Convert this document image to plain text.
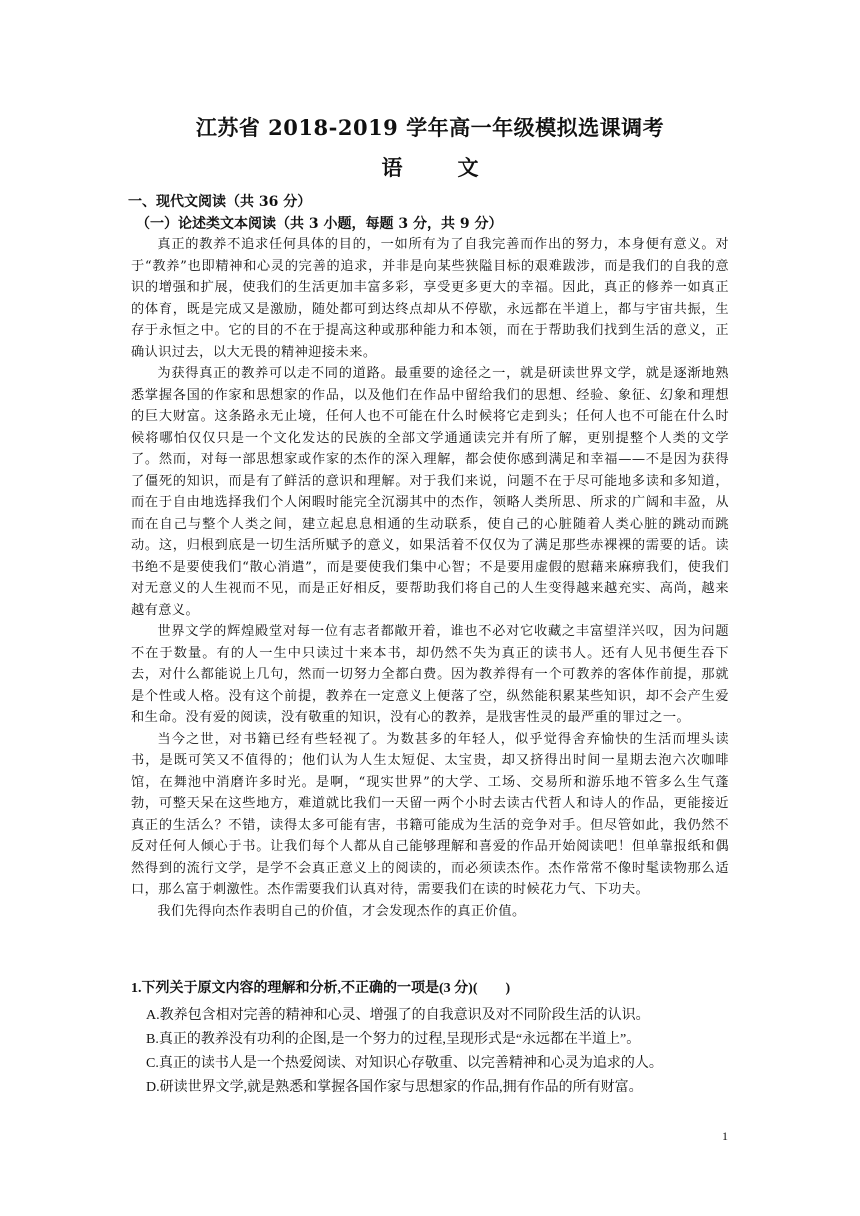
江苏省 2018-2019 学年高一年级模拟选课调考
语文
一、现代文阅读（共 36 分）
（一）论述类文本阅读（共 3 小题，每题 3 分，共 9 分）

真正的教养不追求任何具体的目的，一如所有为了自我完善而作出的努力，本身便有意义。对于“教养”也即精神和心灵的完善的追求，并非是向某些狭隘目标的艰难跋涉，而是我们的自我的意识的增强和扩展，使我们的生活更加丰富多彩，享受更多更大的幸福。因此，真正的修养一如真正的体育，既是完成又是激励，随处都可到达终点却从不停歇，永远都在半道上，都与宇宙共振，生存于永恒之中。它的目的不在于提高这种或那种能力和本领，而在于帮助我们找到生活的意义，正确认识过去，以大无畏的精神迎接未来。

为获得真正的教养可以走不同的道路。最重要的途径之一，就是研读世界文学，就是逐渐地熟悉掌握各国的作家和思想家的作品，以及他们在作品中留给我们的思想、经验、象征、幻象和理想的巨大财富。这条路永无止境，任何人也不可能在什么时候将它走到头；任何人也不可能在什么时候将哪怕仅仅只是一个文化发达的民族的全部文学通通读完并有所了解，更别提整个人类的文学了。然而，对每一部思想家或作家的杰作的深入理解，都会使你感到满足和幸福——不是因为获得了僵死的知识，而是有了鲜活的意识和理解。对于我们来说，问题不在于尽可能地多读和多知道，而在于自由地选择我们个人闲暇时能完全沉溺其中的杰作，领略人类所思、所求的广阔和丰盈，从而在自己与整个人类之间，建立起息息相通的生动联系，使自己的心脏随着人类心脏的跳动而跳动。这，归根到底是一切生活所赋予的意义，如果活着不仅仅为了满足那些赤裸裸的需要的话。读书绝不是要使我们“散心消遣”，而是要使我们集中心智；不是要用虚假的慰藉来麻痹我们，使我们对无意义的人生视而不见，而是正好相反，要帮助我们将自己的人生变得越来越充实、高尚，越来越有意义。

世界文学的辉煌殿堂对每一位有志者都敞开着，谁也不必对它收藏之丰富望洋兴叹，因为问题不在于数量。有的人一生中只读过十来本书，却仍然不失为真正的读书人。还有人见书便生吞下去，对什么都能说上几句，然而一切努力全都白费。因为教养得有一个可教养的客体作前提，那就是个性或人格。没有这个前提，教养在一定意义上便落了空，纵然能积累某些知识，却不会产生爱和生命。没有爱的阅读，没有敬重的知识，没有心的教养，是戕害性灵的最严重的罪过之一。

当今之世，对书籍已经有些轻视了。为数甚多的年轻人，似乎觉得舍弃愉快的生活而埋头读书，是既可笑又不值得的；他们认为人生太短促、太宝贵，却又挤得出时间一星期去泡六次咖啡馆，在舞池中消磨许多时光。是啊，“现实世界”的大学、工场、交易所和游乐地不管多么生气蓬勃，可整天呆在这些地方，难道就比我们一天留一两个小时去读古代哲人和诗人的作品，更能接近真正的生活么？不错，读得太多可能有害，书籍可能成为生活的竞争对手。但尽管如此，我仍然不反对任何人倾心于书。让我们每个人都从自己能够理解和喜爱的作品开始阅读吧！但单靠报纸和偶然得到的流行文学，是学不会真正意义上的阅读的，而必须读杰作。杰作常常不像时髦读物那么适口，那么富于刺激性。杰作需要我们认真对待，需要我们在读的时候花力气、下功夫。

我们先得向杰作表明自己的价值，才会发现杰作的真正价值。

1.下列关于原文内容的理解和分析,不正确的一项是(3 分)(　　)
A.教养包含相对完善的精神和心灵、增强了的自我意识及对不同阶段生活的认识。
B.真正的教养没有功利的企图,是一个努力的过程,呈现形式是“永远都在半道上”。
C.真正的读书人是一个热爱阅读、对知识心存敬重、以完善精神和心灵为追求的人。
D.研读世界文学,就是熟悉和掌握各国作家与思想家的作品,拥有作品的所有财富。
1
